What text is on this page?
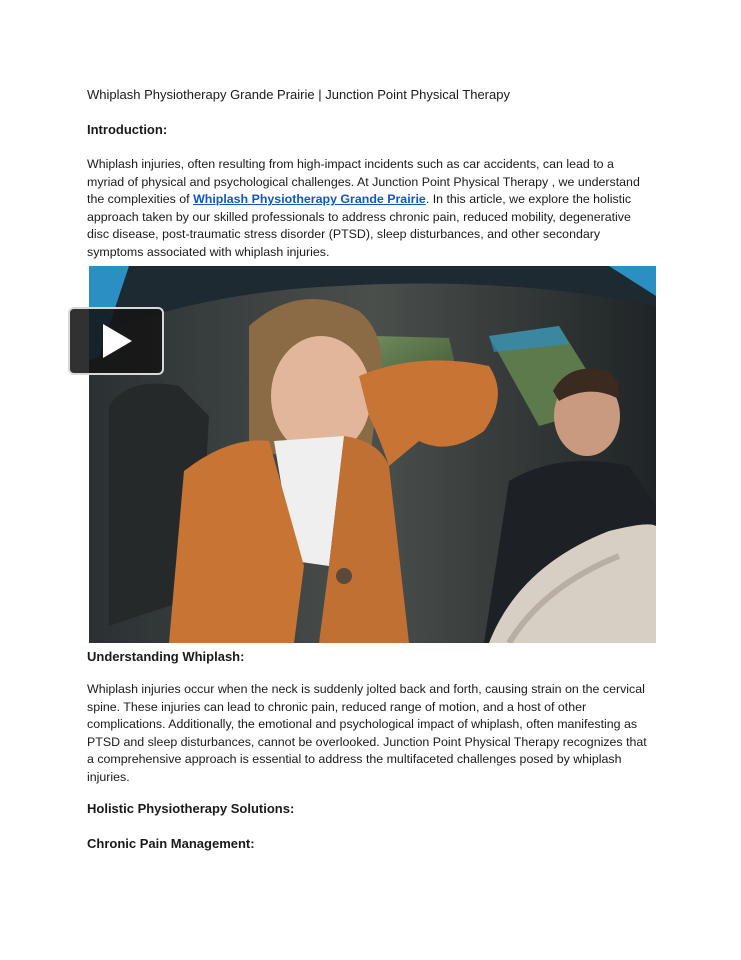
Whiplash Physiotherapy Grande Prairie | Junction Point Physical Therapy
Introduction:
Whiplash injuries, often resulting from high-impact incidents such as car accidents, can lead to a myriad of physical and psychological challenges. At Junction Point Physical Therapy , we understand the complexities of Whiplash Physiotherapy Grande Prairie. In this article, we explore the holistic approach taken by our skilled professionals to address chronic pain, reduced mobility, degenerative disc disease, post-traumatic stress disorder (PTSD), sleep disturbances, and other secondary symptoms associated with whiplash injuries.
Understanding Whiplash:
Whiplash injuries occur when the neck is suddenly jolted back and forth, causing strain on the cervical spine. These injuries can lead to chronic pain, reduced range of motion, and a host of other complications. Additionally, the emotional and psychological impact of whiplash, often manifesting as PTSD and sleep disturbances, cannot be overlooked. Junction Point Physical Therapy recognizes that a comprehensive approach is essential to address the multifaceted challenges posed by whiplash injuries.
Holistic Physiotherapy Solutions:
Chronic Pain Management:
